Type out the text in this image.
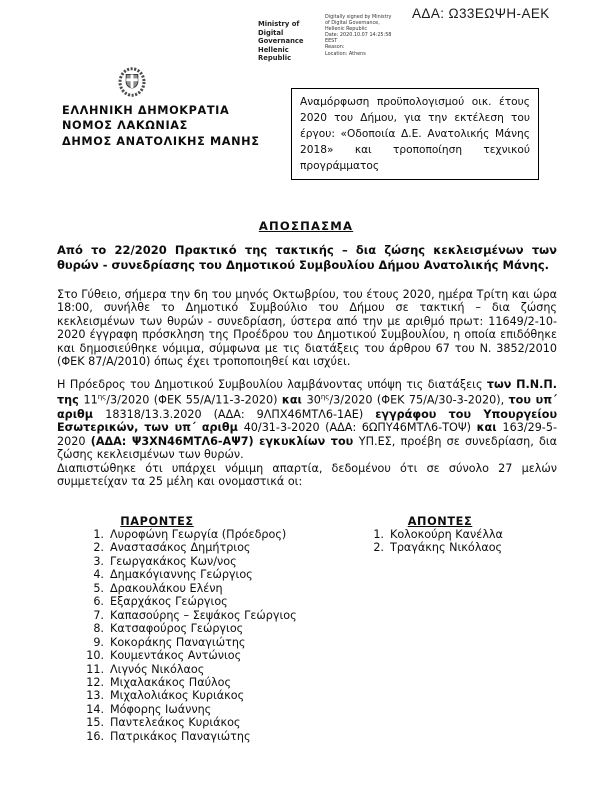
ΑΔΑ: Ω33ΕΩΨΗ-ΑΕΚ
Ministry of Digital
Governance
Hellenic Republic
Digitally signed by Ministry
of Digital Governance,
Hellenic Republic
Date: 2020.10.07 14:25:58
EEST
Reason:
Location: Athens
ΕΛΛΗΝΙΚΗ ΔΗΜΟΚΡΑΤΙΑ
ΝΟΜΟΣ ΛΑΚΩΝΙΑΣ
ΔΗΜΟΣ ΑΝΑΤΟΛΙΚΗΣ ΜΑΝΗΣ
Αναμόρφωση προϋπολογισμού οικ. έτους 2020 του Δήμου, για την εκτέλεση του έργου: «Οδοποιία Δ.Ε. Ανατολικής Μάνης 2018» και τροποποίηση τεχνικού προγράμματος
ΑΠΟΣΠΑΣΜΑ
Από το 22/2020 Πρακτικό της τακτικής – δια ζώσης κεκλεισμένων των θυρών - συνεδρίασης του Δημοτικού Συμβουλίου Δήμου Ανατολικής Μάνης.
Στο Γύθειο, σήμερα την 6η του μηνός Οκτωβρίου, του έτους 2020, ημέρα Τρίτη και ώρα 18:00, συνήλθε το Δημοτικό Συμβούλιο του Δήμου σε τακτική – δια ζώσης κεκλεισμένων των θυρών - συνεδρίαση, ύστερα από την με αριθμό πρωτ: 11649/2-10-2020 έγγραφη πρόσκληση της Προέδρου του Δημοτικού Συμβουλίου, η οποία επιδόθηκε και δημοσιεύθηκε νόμιμα, σύμφωνα με τις διατάξεις του άρθρου 67 του Ν. 3852/2010 (ΦΕΚ 87/Α/2010) όπως έχει τροποποιηθεί και ισχύει.
Η Πρόεδρος του Δημοτικού Συμβουλίου λαμβάνοντας υπόψη τις διατάξεις των Π.Ν.Π. της $11^{\eta\varsigma}/3/2020$ (ΦΕΚ 55/Α/11-3-2020) και $30^{\eta\varsigma}/3/2020$ (ΦΕΚ 75/Α/30-3-2020), του υπ΄ αριθμ 18318/13.3.2020 (ΑΔΑ: 9ΛΠΧ46ΜΤΛ6-1ΑΕ) εγγράφου του Υπουργείου Εσωτερικών, των υπ΄ αριθμ 40/31-3-2020 (ΑΔΑ: 6ΩΠΥ46ΜΤΛ6-ΤΟΨ) και 163/29-5-2020 (ΑΔΑ: Ψ3ΧΝ46ΜΤΛ6-ΑΨ7) εγκυκλίων του ΥΠ.ΕΣ, προέβη σε συνεδρίαση, δια ζώσης κεκλεισμένων των θυρών.
Διαπιστώθηκε ότι υπάρχει νόμιμη απαρτία, δεδομένου ότι σε σύνολο 27 μελών συμμετείχαν τα 25 μέλη και ονομαστικά οι:
ΠΑΡΟΝΤΕΣ	ΑΠΟΝΤΕΣ
1. Λυροφώνη Γεωργία (Πρόεδρος)
2. Αναστασάκος Δημήτριος
3. Γεωργακάκος Κων/νος
4. Δημακόγιαννης Γεώργιος
5. Δρακουλάκου Ελένη
6. Εξαρχάκος Γεώργιος
7. Καπασούρης – Σεψάκος Γεώργιος
8. Κατσαφούρος Γεώργιος
9. Κοκοράκης Παναγιώτης
10. Κουμεντάκος Αντώνιος
11. Λιγνός Νικόλαος
12. Μιχαλακάκος Παύλος
13. Μιχαλολιάκος Κυριάκος
14. Μόφορης Ιωάννης
15. Παντελεάκος Κυριάκος
16. Πατρικάκος Παναγιώτης
1. Κολοκούρη Κανέλλα
2. Τραγάκης Νικόλαος
